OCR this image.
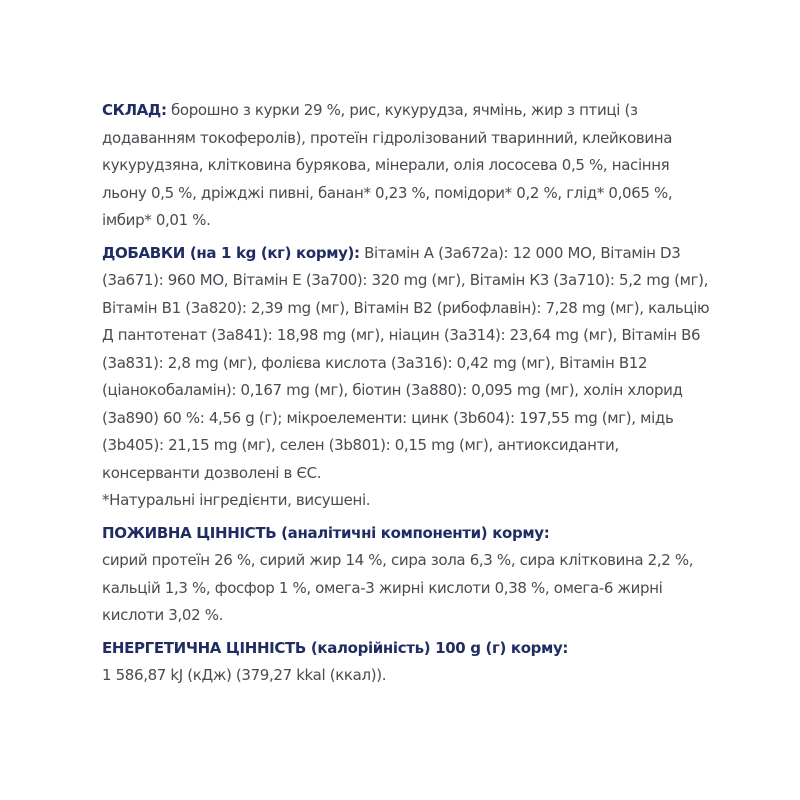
СКЛАД: борошно з курки 29 %, рис, кукурудза, ячмінь, жир з птиці (з додаванням токоферолів), протеїн гідролізований тваринний, клейковина кукурудзяна, клітковина бурякова, мінерали, олія лососева 0,5 %, насіння льону 0,5 %, дріжджі пивні, банан* 0,23 %, помідори* 0,2 %, глід* 0,065 %, імбир* 0,01 %.

ДОБАВКИ (на 1 kg (кг) корму): Вітамін А (3а672а): 12 000 МО, Вітамін D3 (3а671): 960 МО, Вітамін Е (3а700): 320 mg (мг), Вітамін К3 (3а710): 5,2 mg (мг), Вітамін В1 (3а820): 2,39 mg (мг), Вітамін В2 (рибофлавін): 7,28 mg (мг), кальцію Д пантотенат (3а841): 18,98 mg (мг), ніацин (3а314): 23,64 mg (мг), Вітамін В6 (3а831): 2,8 mg (мг), фолієва кислота (3а316): 0,42 mg (мг), Вітамін В12 (ціанокобаламін): 0,167 mg (мг), біотин (3а880): 0,095 mg (мг), холін хлорид (3а890) 60 %: 4,56 g (г); мікроелементи: цинк (3b604): 197,55 mg (мг), мідь (3b405): 21,15 mg (мг), селен (3b801): 0,15 mg (мг), антиоксиданти, консерванти дозволені в ЄС.
*Натуральні інгредієнти, висушені.

ПОЖИВНА ЦІННІСТЬ (аналітичні компоненти) корму:
сирий протеїн 26 %, сирий жир 14 %, сира зола 6,3 %, сира клітковина 2,2 %, кальцій 1,3 %, фосфор 1 %, омега-3 жирні кислоти 0,38 %, омега-6 жирні кислоти 3,02 %.

ЕНЕРГЕТИЧНА ЦІННІСТЬ (калорійність) 100 g (г) корму:
1 586,87 kJ (кДж) (379,27 kkal (ккал)).
